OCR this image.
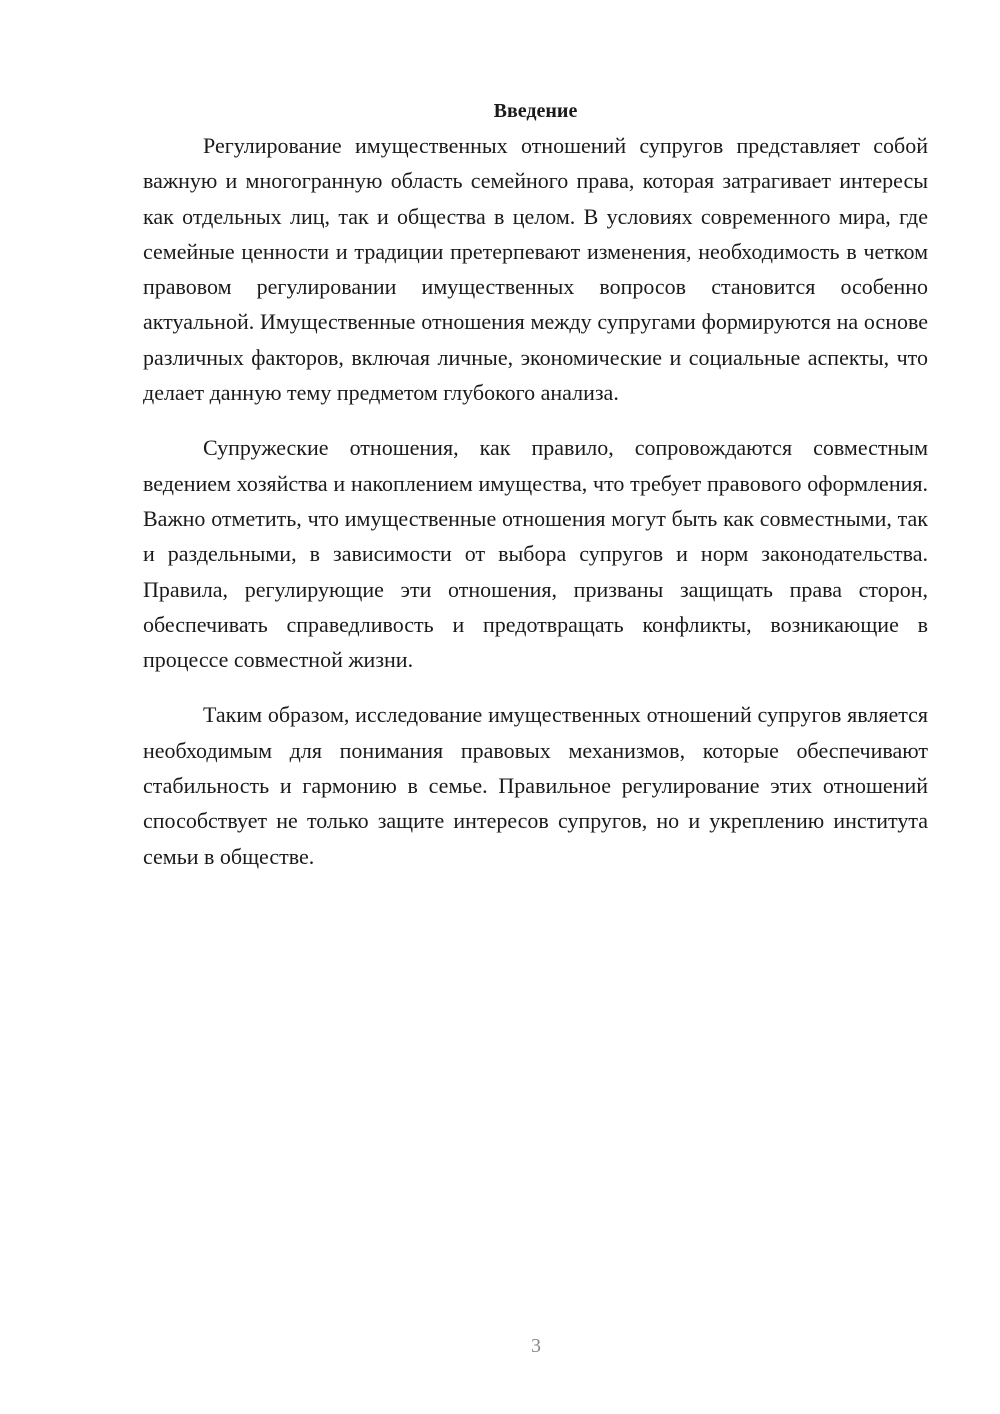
Введение

Регулирование имущественных отношений супругов представляет собой важную и многогранную область семейного права, которая затрагивает интересы как отдельных лиц, так и общества в целом. В условиях современного мира, где семейные ценности и традиции претерпевают изменения, необходимость в четком правовом регулировании имущественных вопросов становится особенно актуальной. Имущественные отношения между супругами формируются на основе различных факторов, включая личные, экономические и социальные аспекты, что делает данную тему предметом глубокого анализа.

Супружеские отношения, как правило, сопровождаются совместным ведением хозяйства и накоплением имущества, что требует правового оформления. Важно отметить, что имущественные отношения могут быть как совместными, так и раздельными, в зависимости от выбора супругов и норм законодательства. Правила, регулирующие эти отношения, призваны защищать права сторон, обеспечивать справедливость и предотвращать конфликты, возникающие в процессе совместной жизни.

Таким образом, исследование имущественных отношений супругов является необходимым для понимания правовых механизмов, которые обеспечивают стабильность и гармонию в семье. Правильное регулирование этих отношений способствует не только защите интересов супругов, но и укреплению института семьи в обществе.

3
